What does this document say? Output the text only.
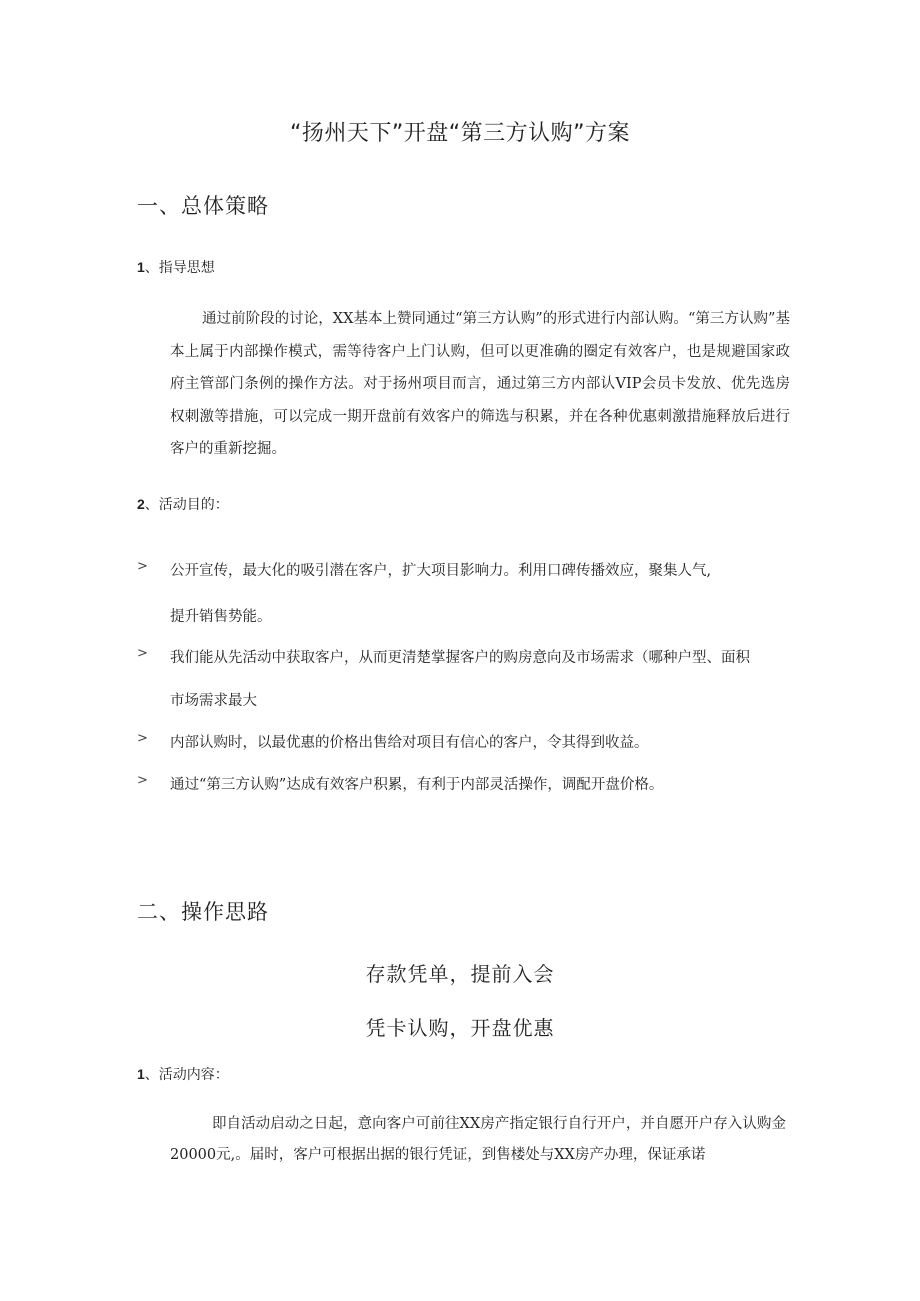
“扬州天下”开盘“第三方认购”方案
一、总体策略
1、指导思想

通过前阶段的讨论，XX基本上赞同通过“第三方认购”的形式进行内部认购。“第三方认购”基本上属于内部操作模式，需等待客户上门认购，但可以更准确的圈定有效客户，也是规避国家政府主管部门条例的操作方法。对于扬州项目而言，通过第三方内部认VIP会员卡发放、优先选房权刺激等措施，可以完成一期开盘前有效客户的筛选与积累，并在各种优惠刺激措施释放后进行客户的重新挖掘。

2、活动目的：
> 公开宣传，最大化的吸引潜在客户，扩大项目影响力。利用口碑传播效应，聚集人气,
提升销售势能。
> 我们能从先活动中获取客户，从而更清楚掌握客户的购房意向及市场需求（哪种户型、面积
市场需求最大
> 内部认购时，以最优惠的价格出售给对项目有信心的客户，令其得到收益。
> 通过“第三方认购”达成有效客户积累，有利于内部灵活操作，调配开盘价格。
二、操作思路
存款凭单，提前入会
凭卡认购，开盘优惠
1、活动内容：

即自活动启动之日起，意向客户可前往XX房产指定银行自行开户，并自愿开户存入认购金20000元,。届时，客户可根据出据的银行凭证，到售楼处与XX房产办理，保证承诺
